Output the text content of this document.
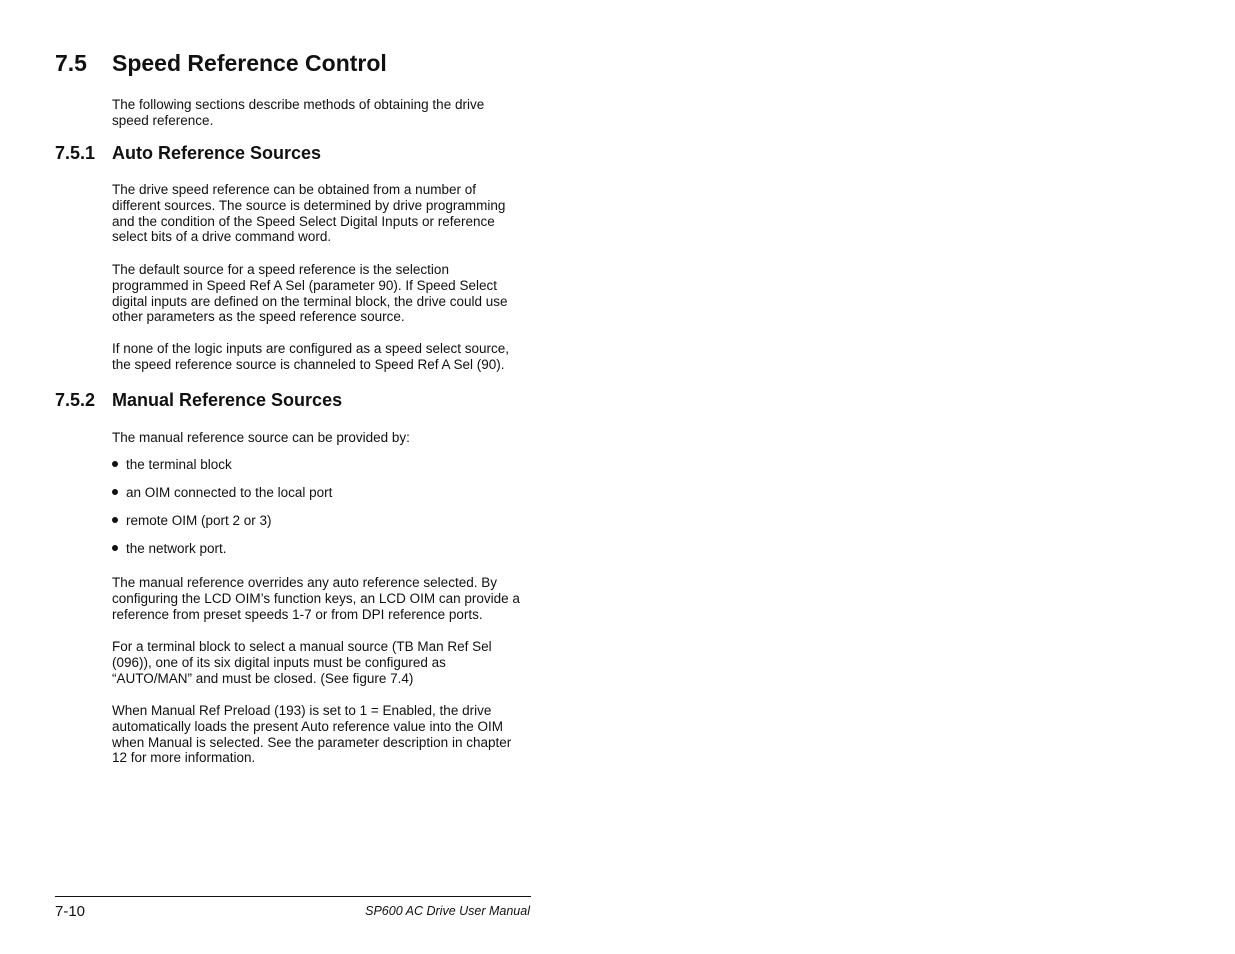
7.5 Speed Reference Control

The following sections describe methods of obtaining the drive
speed reference.

7.5.1 Auto Reference Sources

The drive speed reference can be obtained from a number of
different sources. The source is determined by drive programming
and the condition of the Speed Select Digital Inputs or reference
select bits of a drive command word.

The default source for a speed reference is the selection
programmed in Speed Ref A Sel (parameter 90). If Speed Select
digital inputs are defined on the terminal block, the drive could use
other parameters as the speed reference source.

If none of the logic inputs are configured as a speed select source,
the speed reference source is channeled to Speed Ref A Sel (90).

7.5.2 Manual Reference Sources

The manual reference source can be provided by:

the terminal block
an OIM connected to the local port
remote OIM (port 2 or 3)
the network port.

The manual reference overrides any auto reference selected. By
configuring the LCD OIM’s function keys, an LCD OIM can provide a
reference from preset speeds 1-7 or from DPI reference ports.

For a terminal block to select a manual source (TB Man Ref Sel
(096)), one of its six digital inputs must be configured as
“AUTO/MAN” and must be closed. (See figure 7.4)

When Manual Ref Preload (193) is set to 1 = Enabled, the drive
automatically loads the present Auto reference value into the OIM
when Manual is selected. See the parameter description in chapter
12 for more information.

7-10	SP600 AC Drive User Manual
